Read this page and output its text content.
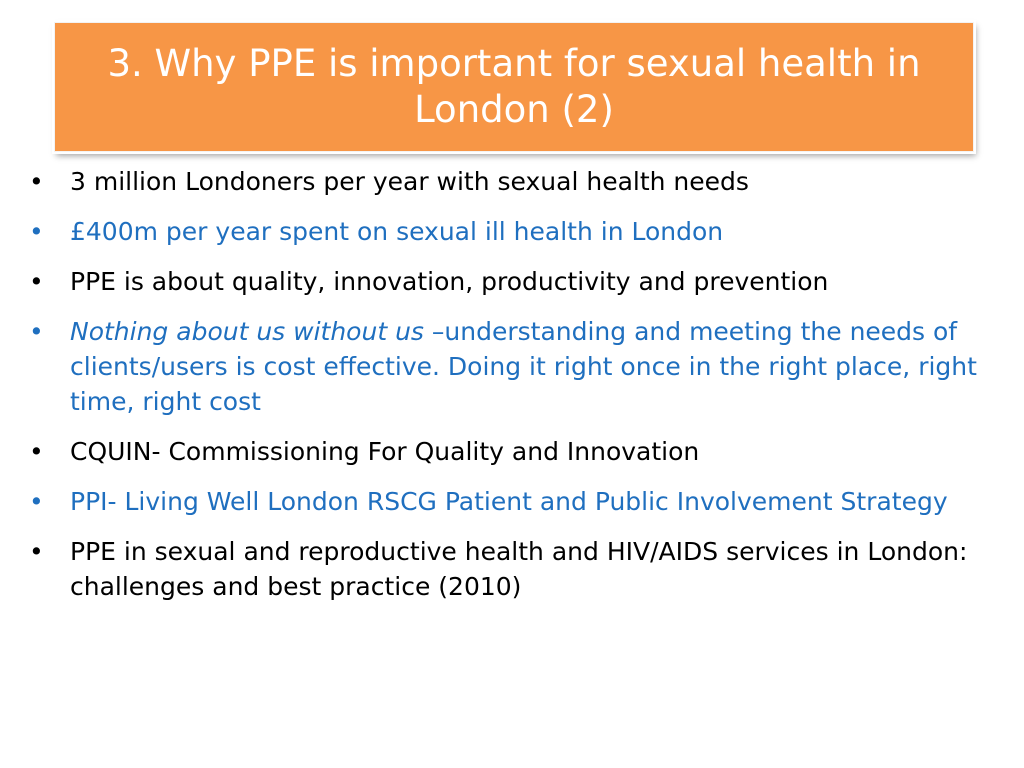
3. Why PPE is important for sexual health in London (2)
• 3 million Londoners per year with sexual health needs
• £400m per year spent on sexual ill health in London
• PPE is about quality, innovation, productivity and prevention
• Nothing about us without us –understanding and meeting the needs of clients/users is cost effective. Doing it right once in the right place, right time, right cost
• CQUIN- Commissioning For Quality and Innovation
• PPI- Living Well London RSCG Patient and Public Involvement Strategy
• PPE in sexual and reproductive health and HIV/AIDS services in London: challenges and best practice (2010)
